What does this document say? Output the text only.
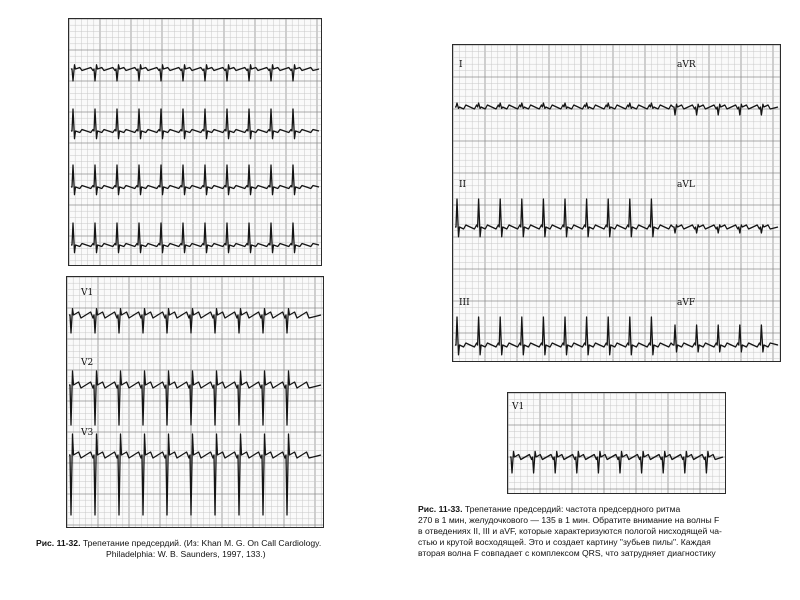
V1
V2
V3
I	aVR
II	aVL
III	aVF
V1
Рис. 11-32. Трепетание предсердий. (Из: Khan M. G. On Call Cardiology.
Philadelphia: W. B. Saunders, 1997, 133.)
Рис. 11-33. Трепетание предсердий: частота предсердного ритма
270 в 1 мин, желудочкового — 135 в 1 мин. Обратите внимание на волны F
в отведениях II, III и aVF, которые характеризуются пологой нисходящей ча-
стью и крутой восходящей. Это и создает картину "зубьев пилы". Каждая
вторая волна F совпадает с комплексом QRS, что затрудняет диагностику
